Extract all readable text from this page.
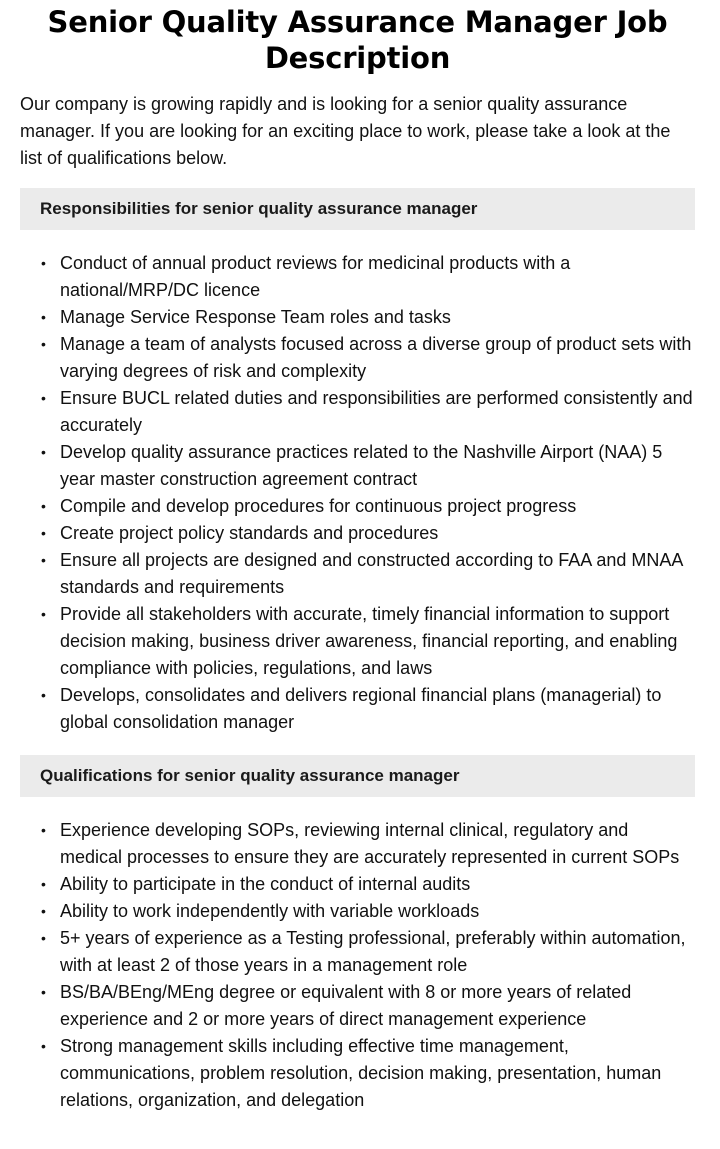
Senior Quality Assurance Manager Job Description

Our company is growing rapidly and is looking for a senior quality assurance manager. If you are looking for an exciting place to work, please take a look at the list of qualifications below.

Responsibilities for senior quality assurance manager
• Conduct of annual product reviews for medicinal products with a national/MRP/DC licence
• Manage Service Response Team roles and tasks
• Manage a team of analysts focused across a diverse group of product sets with varying degrees of risk and complexity
• Ensure BUCL related duties and responsibilities are performed consistently and accurately
• Develop quality assurance practices related to the Nashville Airport (NAA) 5 year master construction agreement contract
• Compile and develop procedures for continuous project progress
• Create project policy standards and procedures
• Ensure all projects are designed and constructed according to FAA and MNAA standards and requirements
• Provide all stakeholders with accurate, timely financial information to support decision making, business driver awareness, financial reporting, and enabling compliance with policies, regulations, and laws
• Develops, consolidates and delivers regional financial plans (managerial) to global consolidation manager
Qualifications for senior quality assurance manager
• Experience developing SOPs, reviewing internal clinical, regulatory and medical processes to ensure they are accurately represented in current SOPs
• Ability to participate in the conduct of internal audits
• Ability to work independently with variable workloads
• 5+ years of experience as a Testing professional, preferably within automation, with at least 2 of those years in a management role
• BS/BA/BEng/MEng degree or equivalent with 8 or more years of related experience and 2 or more years of direct management experience
• Strong management skills including effective time management, communications, problem resolution, decision making, presentation, human relations, organization, and delegation
